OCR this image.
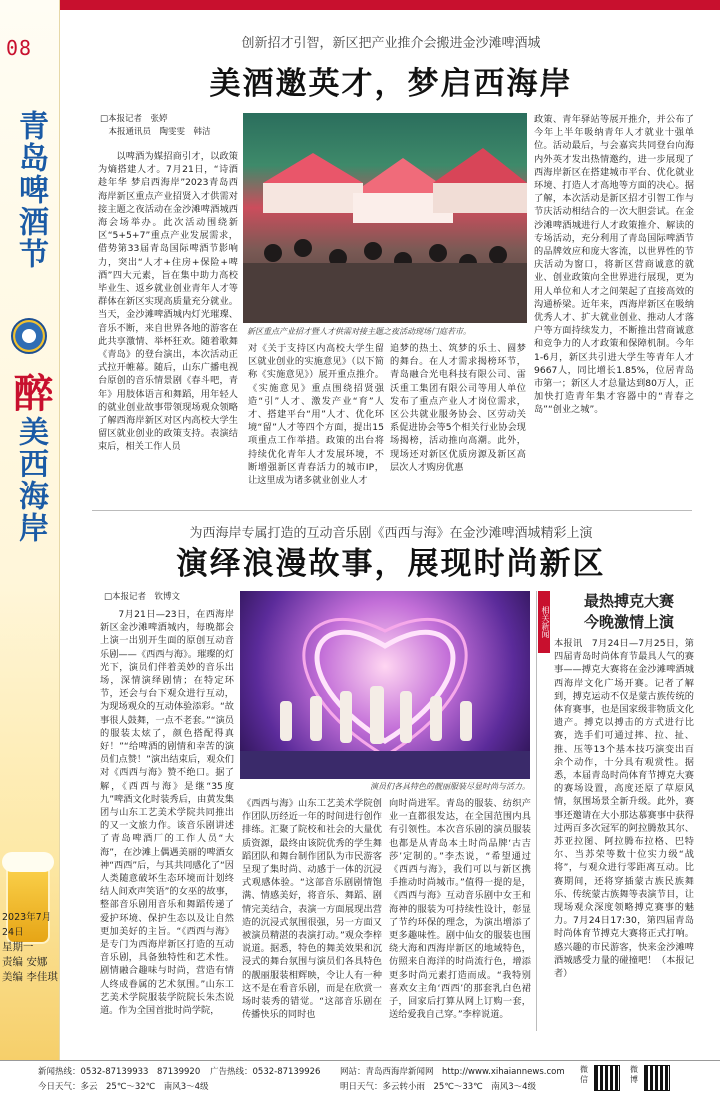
08
青岛啤酒节
醉
美西海岸
2023年7月24日
星期一
责编 安娜
美编 李佳琪
创新招才引智，新区把产业推介会搬进金沙滩啤酒城
美酒邀英才，梦启西海岸
□本报记者　张婷
　本报通讯员　陶雯雯　韩洁
以啤酒为媒招商引才，以政策为熵搭建人才。7月21日，“诗酒趁年华 梦启西海岸”2023青岛西海岸新区重点产业招贤入才供需对接主题之夜活动在金沙滩啤酒城西海会场举办。此次活动围绕新区“5+5+7”重点产业发展需求，借势第33届青岛国际啤酒节影响力，突出“人才+住房+保险+啤酒”四大元素，旨在集中助力高校毕业生、返乡就业创业青年人才等群体在新区实现高质量充分就业。当天，金沙滩啤酒城内灯光璀璨、音乐不断，来自世界各地的游客在此共享激情、举杯狂欢。随着歌舞《青岛》的登台演出，本次活动正式拉开帷幕。随后，山东广播电视台原创的音乐情景剧《春斗吧，青年》用肢体语言和舞蹈，用年轻人的就业创业故事带领现场观众领略了解西海岸新区对区内高校大学生留区就业创业的政策支持。表演结束后，相关工作人员
新区重点产业招才暨人才供需对接主题之夜活动现场门庭若市。
对《关于支持区内高校大学生留区就业创业的实施意见》（以下简称《实施意见》）展开重点推介。《实施意见》重点围绕招贤强造“引”人才、激发产业“育”人才、搭建平台“用”人才、优化环境“留”人才等四个方面，提出15项重点工作举措。政策的出台将持续优化青年人才发展环境，不断增强新区青春活力的城市IP，让这里成为诸多就业创业人才
追梦的热土、筑梦的乐土、圆梦的舞台。在人才需求揭榜环节，青岛融合光电科技有限公司、雷沃重工集团有限公司等用人单位发布了重点产业人才岗位需求，区公共就业服务协会、区劳动关系促进协会等5个相关行业协会现场揭榜，活动推向高潮。此外，现场还对新区优质房源及新区高层次人才购房优惠
政策、青年驿站等展开推介，并公布了今年上半年吸纳青年人才就业十强单位。活动最后，与会嘉宾共同登台向海内外英才发出热情邀约，进一步展现了西海岸新区在搭建城市平台、优化就业环境、打造人才高地等方面的决心。据了解，本次活动是新区招才引智工作与节庆活动相结合的一次大胆尝试。在金沙滩啤酒城进行人才政策推介、解读的专场活动，充分利用了青岛国际啤酒节的品牌效应和庞大客流，以世界性的节庆活动为窗口，将新区营商诚意的就业、创业政策向全世界进行展现，更为用人单位和人才之间架起了直接高效的沟通桥梁。近年来，西海岸新区在吸纳优秀人才、扩大就业创业、推动人才落户等方面持续发力，不断推出营商诚意和竞争力的人才政策和保障机制。今年1-6月，新区共引进大学生等青年人才9667人，同比增长1.85%，位居青岛市第一；新区人才总量达到80万人，正加快打造青年集才容器中的“青春之岛”“创业之城”。
为西海岸专属打造的互动音乐剧《西西与海》在金沙滩啤酒城精彩上演
演绎浪漫故事，展现时尚新区
□本报记者　钦博文
7月21日—23日，在西海岸新区金沙滩啤酒城内，每晚都会上演一出别开生面的原创互动音乐剧——《西西与海》。璀璨的灯光下，演员们伴着美妙的音乐出场，深情演绎剧情；在特定环节，还会与台下观众进行互动，为现场观众的互动体验添彩。“故事很人鼓舞，一点不老套。”“演员的服装太炫了，颜色搭配得真好！”“给啤酒的剧情和幸苦的演员们点赞！”演出结束后，观众们对《西西与海》赞不绝口。据了解，《西西与海》是继“35度九”啤酒文化时装秀后，由黄发集团与山东工艺美术学院共同推出的又一文旅力作。该音乐剧讲述了青岛啤酒厂的工作人员“大海”，在沙滩上偶遇美丽的啤酒女神“西西”后，与其共同感化了“因人类随意破坏生态环境而计划终结人间欢声笑语”的女巫的故事，整部音乐剧用音乐和舞蹈传递了爱护环境、保护生态以及让自然更加美好的主旨。“《西西与海》是专门为西海岸新区打造的互动音乐剧，具备独特性和艺术性。剧情融合趣味与时尚，营造有情人终成眷属的艺术氛围。”山东工艺美术学院服装学院院长朱杰说道。作为全国首批时尚学院，
演员们各具特色的靓丽服装尽显时尚与活力。
《西西与海》山东工艺美术学院创作团队历经近一年的时间进行创作排练。汇聚了院校和社会的大量优质资源，最终由该院优秀的学生舞蹈团队和舞台制作团队为市民游客呈现了集时尚、动感于一体的沉浸式观感体验。“这部音乐剧剧情饱满、情感美好，将音乐、舞蹈、剧情完美结合，表演一方面展现出营造的沉浸式氛围很强，另一方面又被演员精湛的表演打动。”观众李梓说道。据悉，特色的舞美效果和沉浸式的舞台氛围与演员们各具特色的靓丽服装相辉映，令让人有一种这不是在看音乐剧，而是在欣赏一场时装秀的错觉。“这部音乐剧在传播快乐的同时也
向时尚进军。青岛的服装、纺织产业一直都很发达，在全国范围内具有引领性。本次音乐剧的演员服装也都是从青岛本土时尚品牌‘古吉莎’定制的。”李杰说，“希望通过《西西与海》，我们可以与新区携手推动时尚城市。”值得一提的是，《西西与海》互动音乐剧中女王和海神的服装为可持续性设计，彰显了节约环保的理念，为演出增添了更多趣味性。剧中仙女的服装也围绕大海和西海岸新区的地域特色，仿照来自海洋的时尚流行色，增添更多时尚元素打造而成。“我特别喜欢女主角‘西西’的那套乳白色裙子，回家后打算从网上订购一套，送给爱我自己穿。”李梓说道。
相关新闻
最热搏克大赛
今晚激情上演
本报讯　7月24日—7月25日，第四届青岛时尚体育节最具人气的赛事——搏克大赛将在金沙滩啤酒城西海岸文化广场开赛。记者了解到，搏克运动不仅是蒙古族传统的体育赛事，也是国家级非物质文化遗产。搏克以搏击的方式进行比赛，选手们可通过摔、拉、扯、推、压等13个基本技巧演变出百余个动作，十分具有观赏性。据悉，本届青岛时尚体育节搏克大赛的赛场设置，高度还原了草原风情，氛围场景全新升级。此外，赛事还邀请在大小那达慕赛事中获得过两百多次冠军的阿拉腾敖其尔、苏亚拉图、阿拉腾布拉格、巴特尔、当苏荣等数十位实力级“战将”，与观众进行零距离互动。比赛期间，还将穿插蒙古族民族舞乐、传统蒙古族舞等表演节目，让现场观众深度领略搏克赛事的魅力。7月24日17:30，第四届青岛时尚体育节搏克大赛将正式打响。感兴趣的市民游客，快来金沙滩啤酒城感受力量的碰撞吧！（本报记者）
新闻热线：0532-87139933　87139920 广告热线：0532-87139926 网站：青岛西海岸新闻网　http://www.xihaiannews.com
今日天气：多云　25℃～32℃　南风3～4级	明日天气：多云转小雨　25℃～33℃　南风3～4级
微信
微博
